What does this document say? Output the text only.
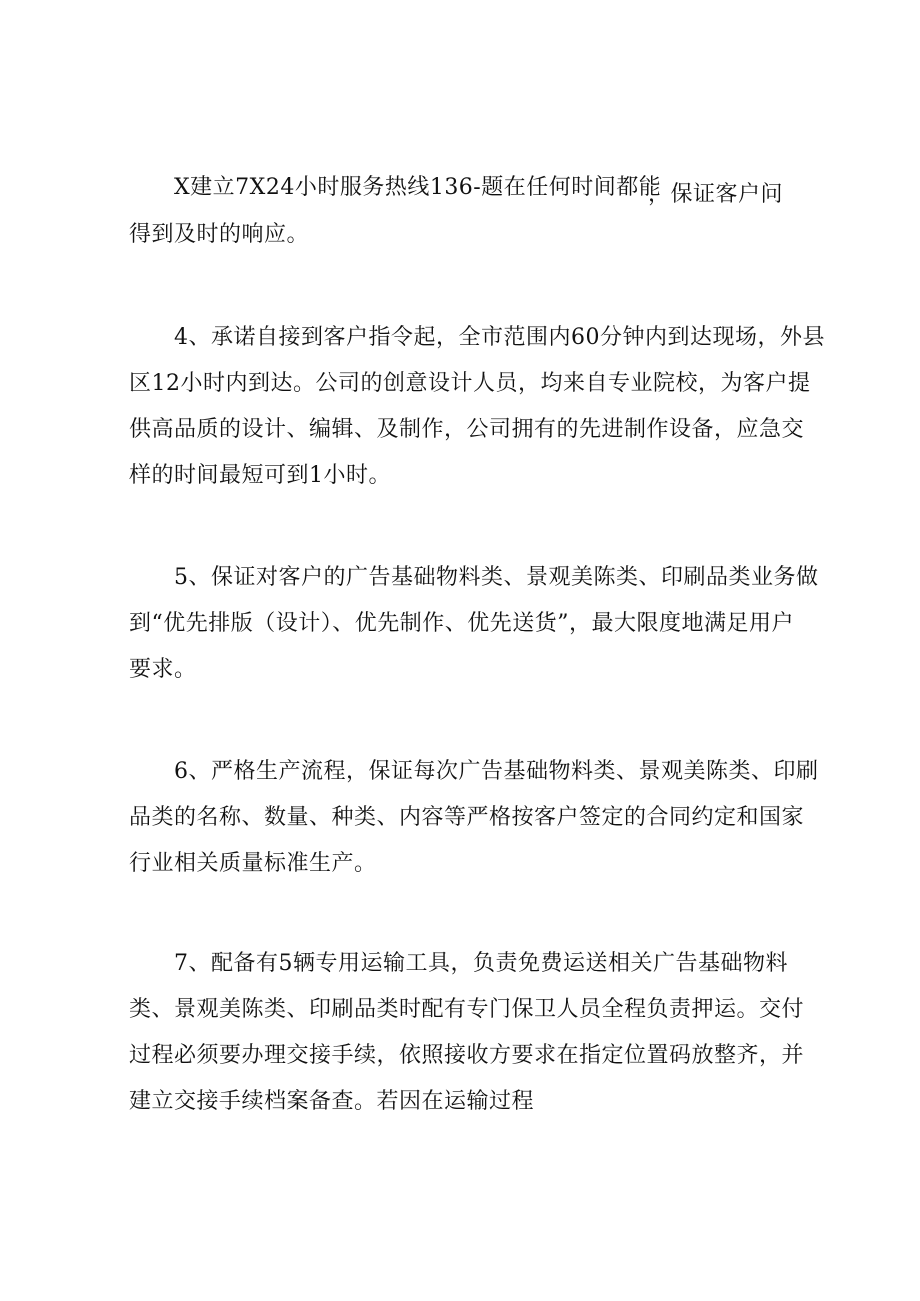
X建立7X24小时服务热线136-题在任何时间都能
，保证客户问
得到及时的响应。
4、承诺自接到客户指令起，全市范围内60分钟内到达现场，外县
区12小时内到达。公司的创意设计人员，均来自专业院校，为客户提
供高品质的设计、编辑、及制作，公司拥有的先进制作设备，应急交
样的时间最短可到1小时。
5、保证对客户的广告基础物料类、景观美陈类、印刷品类业务做
到“优先排版（设计）、优先制作、优先送货”，最大限度地满足用户
要求。
6、严格生产流程，保证每次广告基础物料类、景观美陈类、印刷
品类的名称、数量、种类、内容等严格按客户签定的合同约定和国家
行业相关质量标准生产。
7、配备有5辆专用运输工具，负责免费运送相关广告基础物料
类、景观美陈类、印刷品类时配有专门保卫人员全程负责押运。交付
过程必须要办理交接手续，依照接收方要求在指定位置码放整齐，并
建立交接手续档案备查。若因在运输过程
